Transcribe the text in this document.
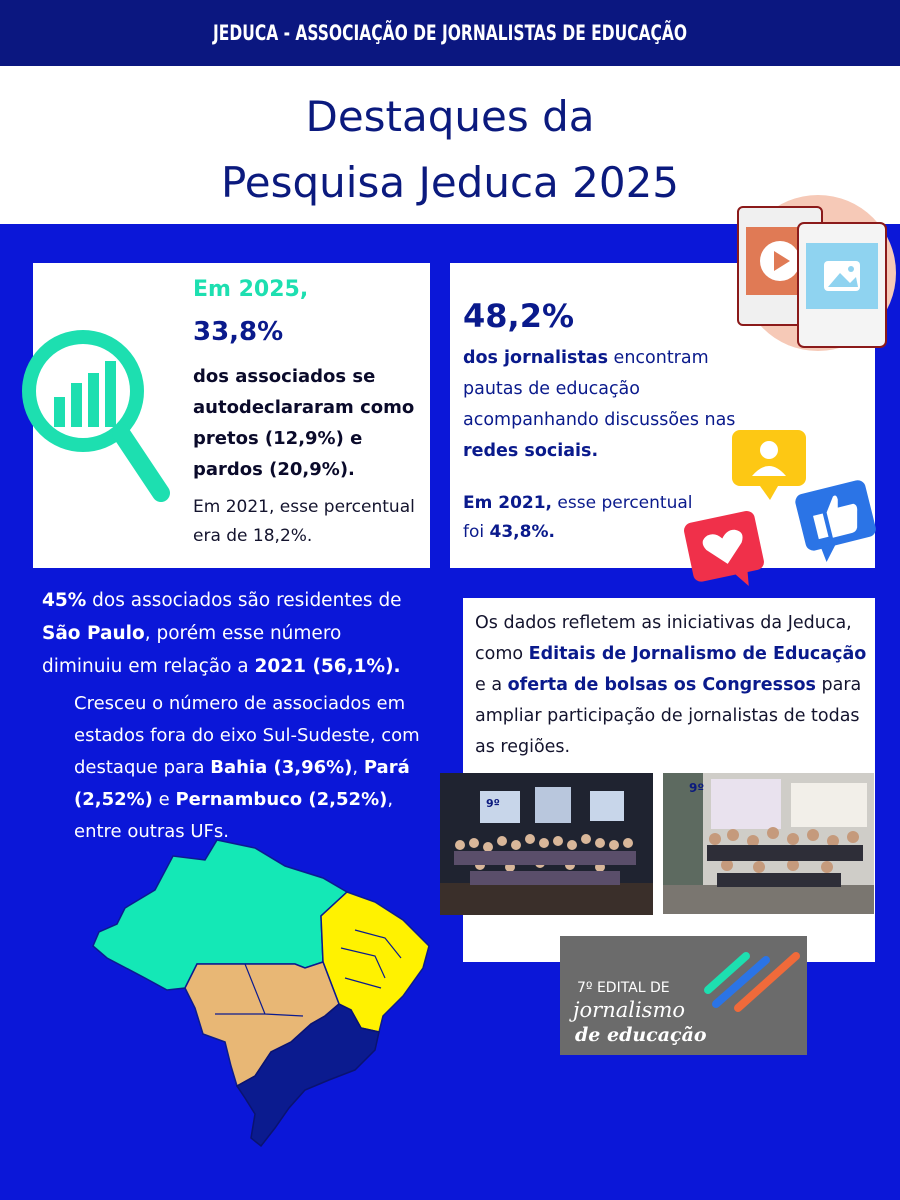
JEDUCA - ASSOCIAÇÃO DE JORNALISTAS DE EDUCAÇÃO
Destaques da
Pesquisa Jeduca 2025
Em 2025,
33,8%
dos associados se autodeclararam como pretos (12,9%) e pardos (20,9%).
Em 2021, esse percentual era de 18,2%.
48,2%
dos jornalistas encontram pautas de educação acompanhando discussões nas redes sociais.
Em 2021, esse percentual foi 43,8%.
45% dos associados são residentes de São Paulo, porém esse número diminuiu em relação a 2021 (56,1%).
Cresceu o número de associados em estados fora do eixo Sul-Sudeste, com destaque para Bahia (3,96%), Pará (2,52%) e Pernambuco (2,52%), entre outras UFs.
Os dados refletem as iniciativas da Jeduca, como Editais de Jornalismo de Educação e a oferta de bolsas os Congressos para ampliar participação de jornalistas de todas as regiões.
9º
9º
7º EDITAL DE
jornalismo
de educação
